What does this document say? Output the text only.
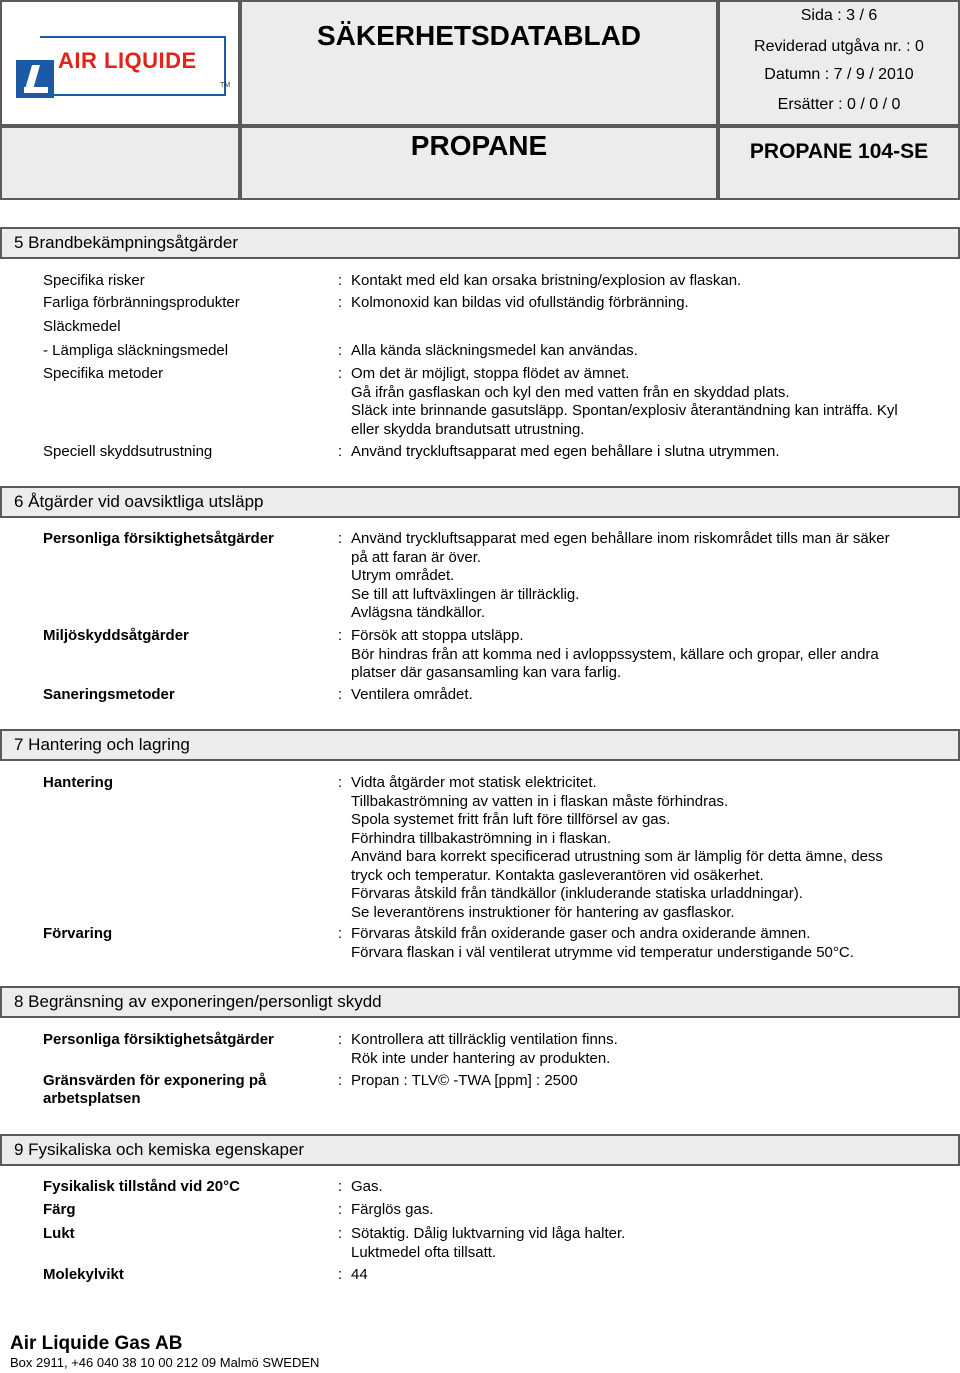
AIR LIQUIDE
TM
SÄKERHETSDATABLAD
Sida : 3 / 6
Reviderad utgåva nr. : 0
Datumn : 7 / 9 / 2010
Ersätter : 0 / 0 / 0
PROPANE	PROPANE 104-SE
5 Brandbekämpningsåtgärder
Specifika risker	: Kontakt med eld kan orsaka bristning/explosion av flaskan.
Farliga förbränningsprodukter	: Kolmonoxid kan bildas vid ofullständig förbränning.
Släckmedel
- Lämpliga släckningsmedel	: Alla kända släckningsmedel kan användas.
Specifika metoder	: Om det är möjligt, stoppa flödet av ämnet.
Gå ifrån gasflaskan och kyl den med vatten från en skyddad plats.
Släck inte brinnande gasutsläpp. Spontan/explosiv återantändning kan inträffa. Kyl
eller skydda brandutsatt utrustning.
Speciell skyddsutrustning	: Använd tryckluftsapparat med egen behållare i slutna utrymmen.
6 Åtgärder vid oavsiktliga utsläpp
Personliga försiktighetsåtgärder	: Använd tryckluftsapparat med egen behållare inom riskområdet tills man är säker
på att faran är över.
Utrym området.
Se till att luftväxlingen är tillräcklig.
Avlägsna tändkällor.
Miljöskyddsåtgärder	: Försök att stoppa utsläpp.
Bör hindras från att komma ned i avloppssystem, källare och gropar, eller andra
platser där gasansamling kan vara farlig.
Saneringsmetoder	: Ventilera området.
7 Hantering och lagring
Hantering	: Vidta åtgärder mot statisk elektricitet.
Tillbakaströmning av vatten in i flaskan måste förhindras.
Spola systemet fritt från luft före tillförsel av gas.
Förhindra tillbakaströmning in i flaskan.
Använd bara korrekt specificerad utrustning som är lämplig för detta ämne, dess
tryck och temperatur. Kontakta gasleverantören vid osäkerhet.
Förvaras åtskild från tändkällor (inkluderande statiska urladdningar).
Se leverantörens instruktioner för hantering av gasflaskor.
Förvaring	: Förvaras åtskild från oxiderande gaser och andra oxiderande ämnen.
Förvara flaskan i väl ventilerat utrymme vid temperatur understigande 50°C.
8 Begränsning av exponeringen/personligt skydd
Personliga försiktighetsåtgärder	: Kontrollera att tillräcklig ventilation finns.
Rök inte under hantering av produkten.
Gränsvärden för exponering på
arbetsplatsen
: Propan : TLV© -TWA [ppm] : 2500
9 Fysikaliska och kemiska egenskaper
Fysikalisk tillstånd vid 20°C	: Gas.
Färg	: Färglös gas.
Lukt	: Sötaktig. Dålig luktvarning vid låga halter.
Luktmedel ofta tillsatt.
Molekylvikt	: 44
Air Liquide Gas AB
Box 2911, +46 040 38 10 00 212 09 Malmö SWEDEN
